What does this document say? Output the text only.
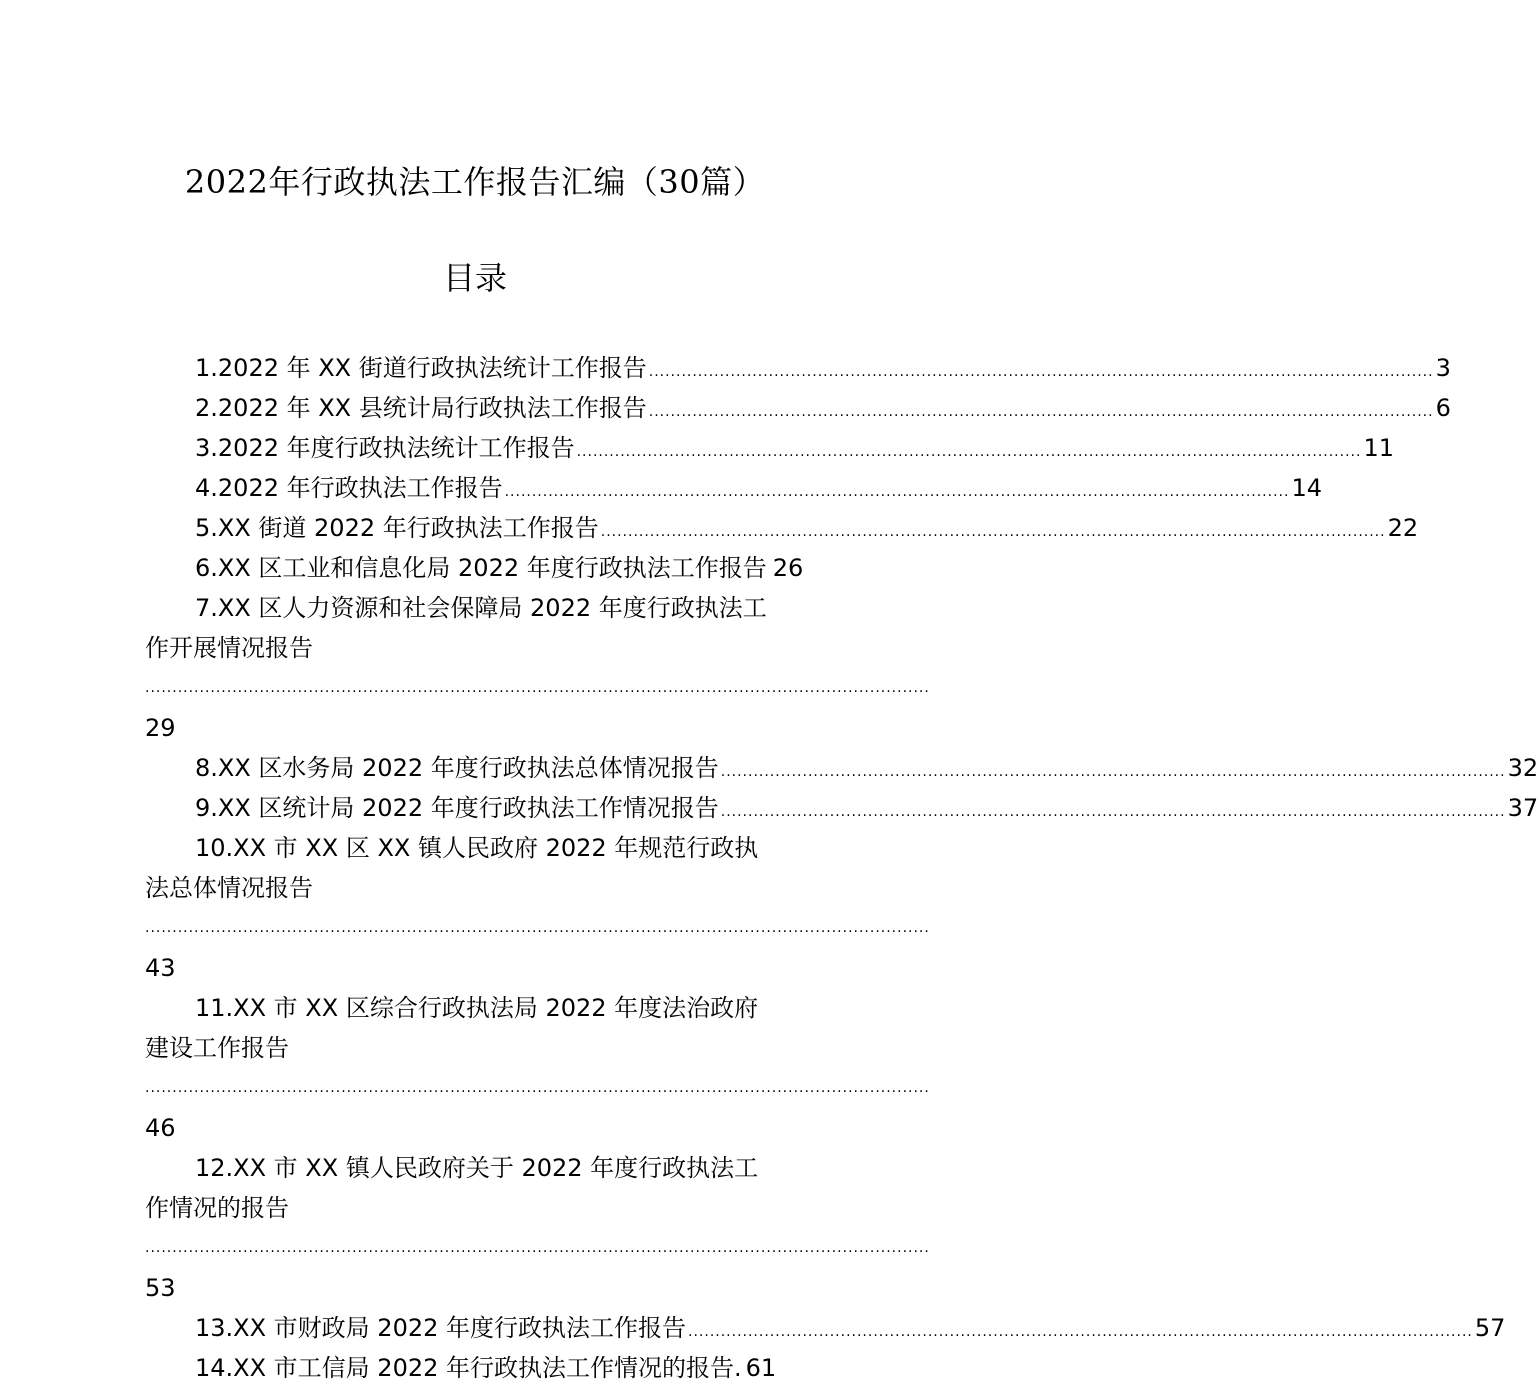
2022年行政执法工作报告汇编（30篇）
目录
1.2022 年 XX 街道行政执法统计工作报告 ................................................................................................................................................ 3
2.2022 年 XX 县统计局行政执法工作报告 ................................................................................................................................................ 6
3.2022 年度行政执法统计工作报告 ................................................................................................................................................ 11
4.2022 年行政执法工作报告 ................................................................................................................................................ 14
5.XX 街道 2022 年行政执法工作报告 ................................................................................................................................................ 22
6.XX 区工业和信息化局 2022 年度行政执法工作报告 26
7.XX 区人力资源和社会保障局 2022 年度行政执法工
作开展情况报告
................................................................................................................................................
29
8.XX 区水务局 2022 年度行政执法总体情况报告 ................................................................................................................................................ 32
9.XX 区统计局 2022 年度行政执法工作情况报告 ................................................................................................................................................ 37
10.XX 市 XX 区 XX 镇人民政府 2022 年规范行政执
法总体情况报告
................................................................................................................................................
43
11.XX 市 XX 区综合行政执法局 2022 年度法治政府
建设工作报告
................................................................................................................................................
46
12.XX 市 XX 镇人民政府关于 2022 年度行政执法工
作情况的报告
................................................................................................................................................
53
13.XX 市财政局 2022 年度行政执法工作报告 ................................................................................................................................................ 57
14.XX 市工信局 2022 年行政执法工作情况的报告. 61
